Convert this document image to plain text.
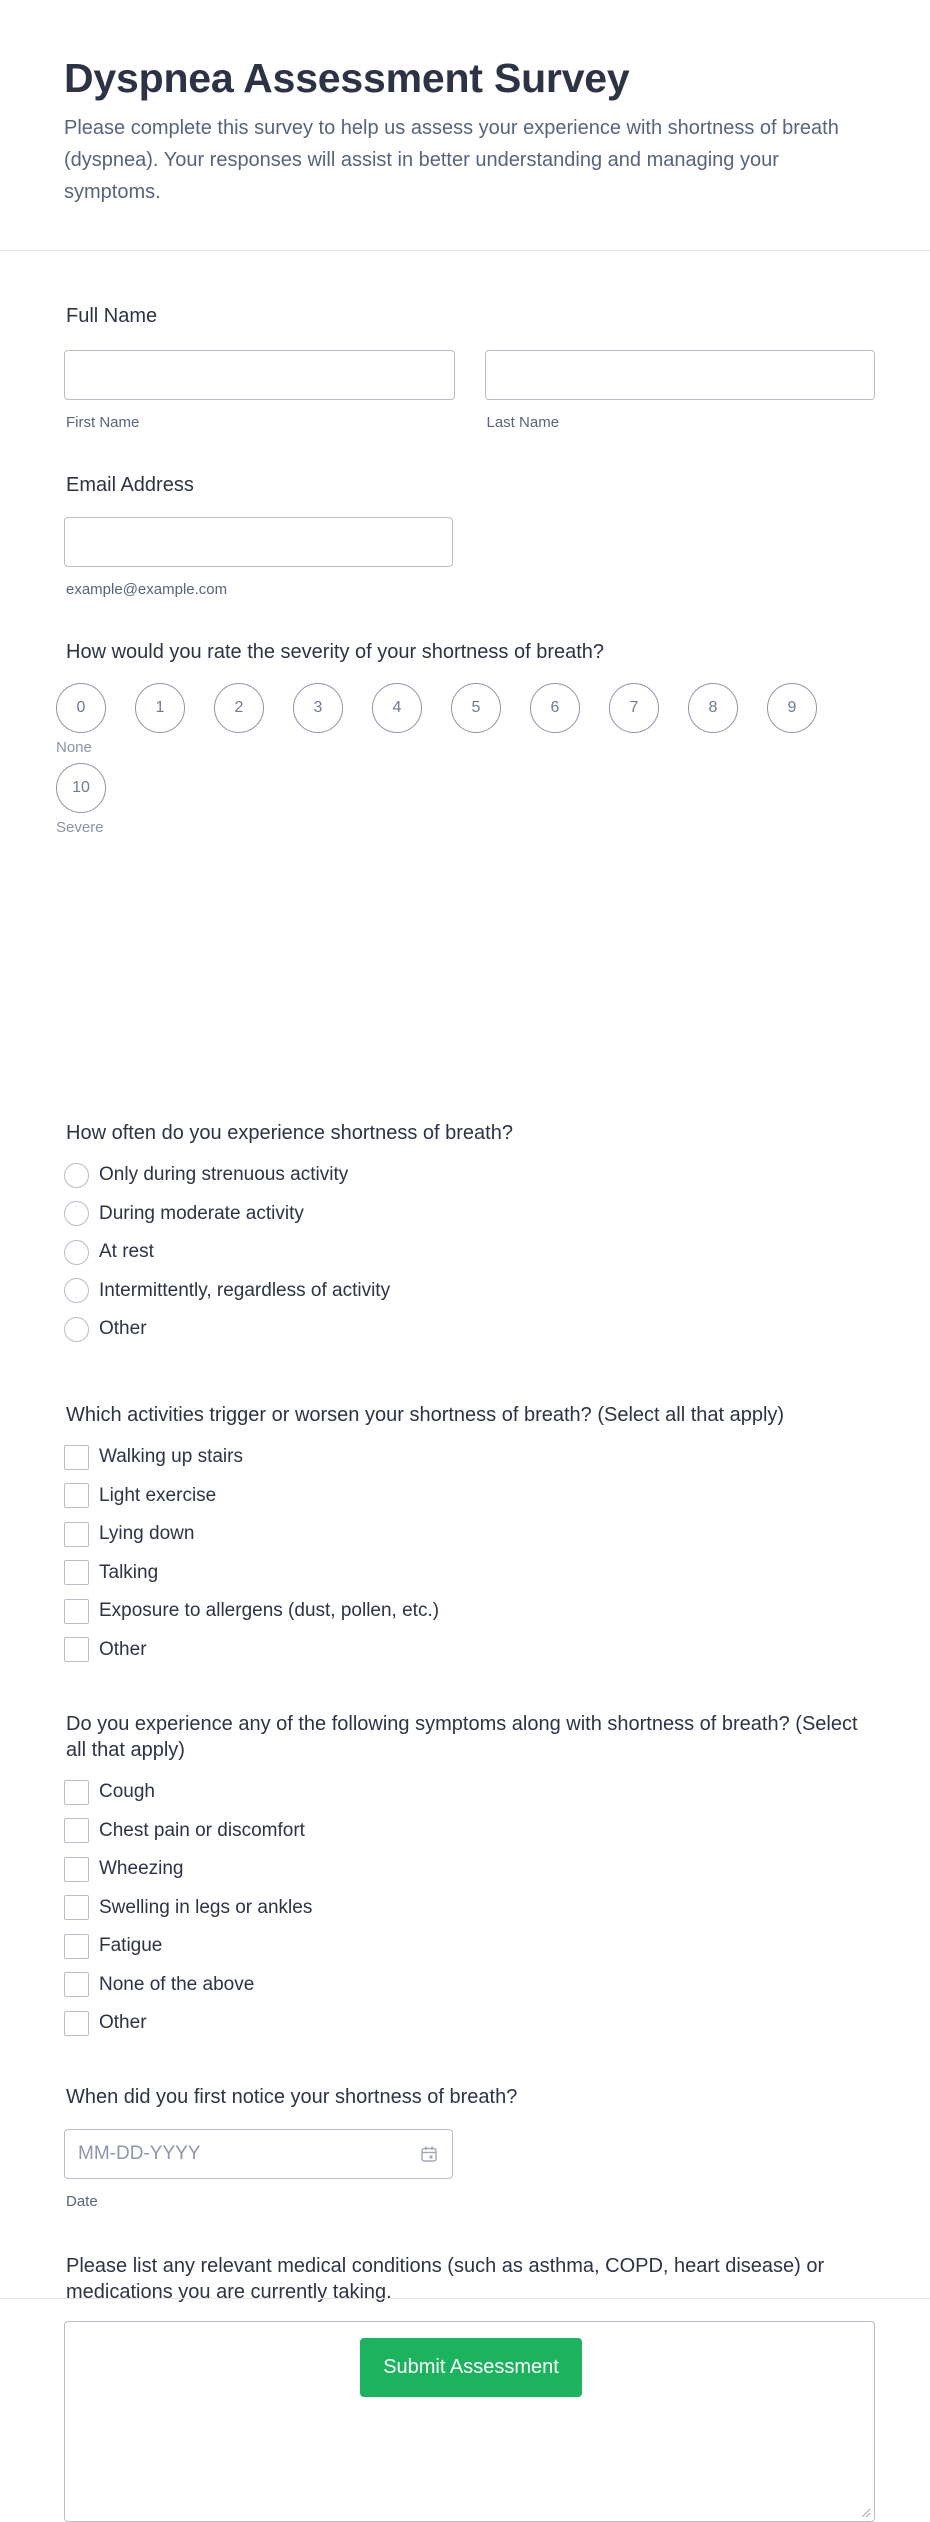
Dyspnea Assessment Survey

Please complete this survey to help us assess your experience with shortness of breath (dyspnea). Your responses will assist in better understanding and managing your symptoms.

Full Name
First Name	Last Name
Email Address
example@example.com
How would you rate the severity of your shortness of breath?
0
None
1	2	3	4	5	6	7	8	9
10
Severe
How often do you experience shortness of breath?
Only during strenuous activity
During moderate activity
At rest
Intermittently, regardless of activity
Other
Which activities trigger or worsen your shortness of breath? (Select all that apply)
Walking up stairs
Light exercise
Lying down
Talking
Exposure to allergens (dust, pollen, etc.)
Other
Do you experience any of the following symptoms along with shortness of breath? (Select all that apply)
Cough
Chest pain or discomfort
Wheezing
Swelling in legs or ankles
Fatigue
None of the above
Other
When did you first notice your shortness of breath?
MM-DD-YYYY
Date
Please list any relevant medical conditions (such as asthma, COPD, heart disease) or medications you are currently taking.
Submit Assessment
